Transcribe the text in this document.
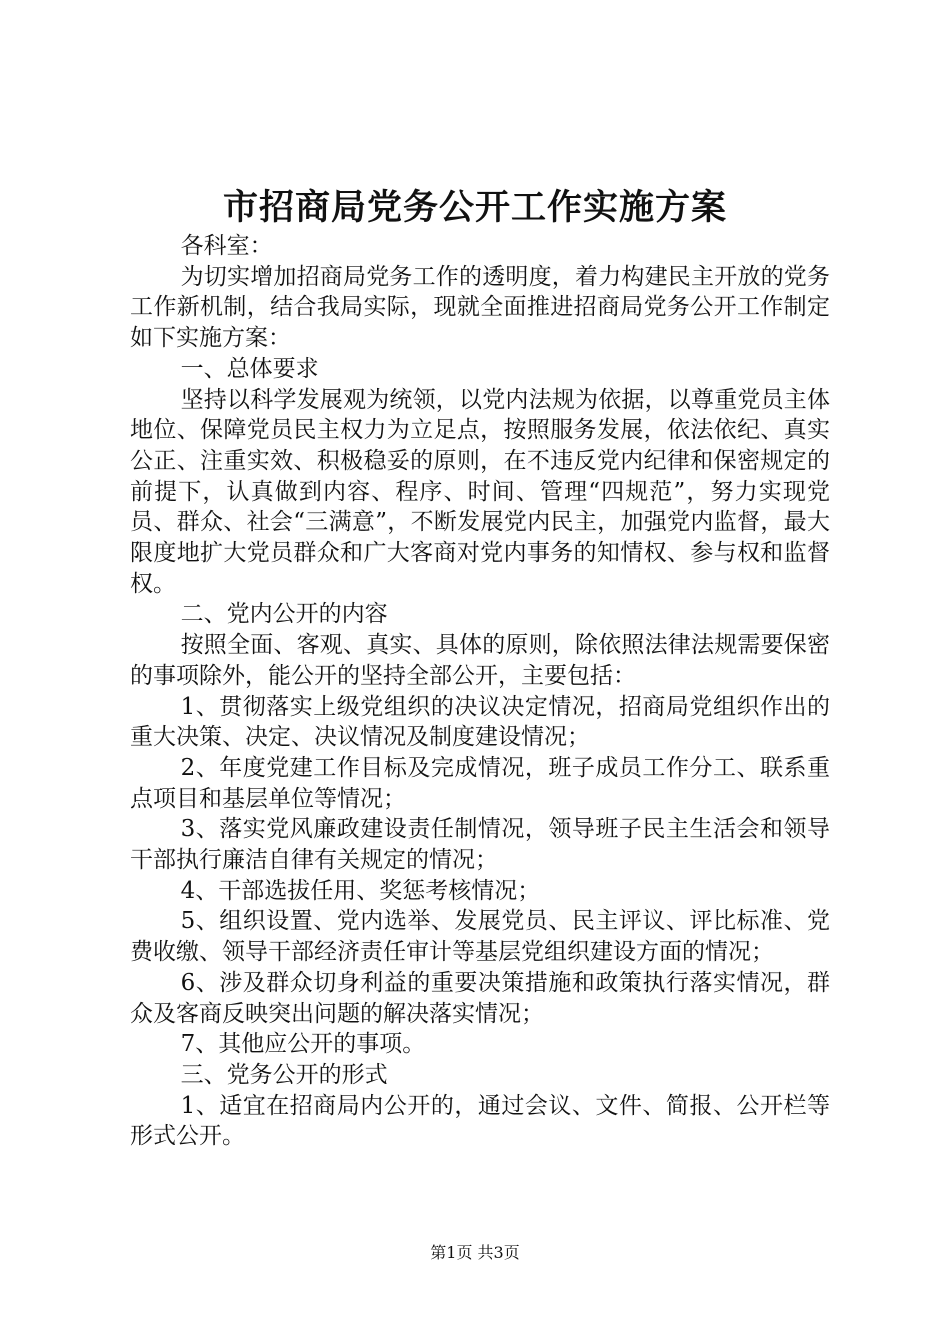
市招商局党务公开工作实施方案

各科室：

为切实增加招商局党务工作的透明度，着力构建民主开放的党务工作新机制，结合我局实际，现就全面推进招商局党务公开工作制定如下实施方案：

一、总体要求

坚持以科学发展观为统领，以党内法规为依据，以尊重党员主体地位、保障党员民主权力为立足点，按照服务发展，依法依纪、真实公正、注重实效、积极稳妥的原则，在不违反党内纪律和保密规定的前提下，认真做到内容、程序、时间、管理“四规范”，努力实现党员、群众、社会“三满意”，不断发展党内民主，加强党内监督，最大限度地扩大党员群众和广大客商对党内事务的知情权、参与权和监督权。

二、党内公开的内容

按照全面、客观、真实、具体的原则，除依照法律法规需要保密的事项除外，能公开的坚持全部公开，主要包括：

1、贯彻落实上级党组织的决议决定情况，招商局党组织作出的重大决策、决定、决议情况及制度建设情况；

2、年度党建工作目标及完成情况，班子成员工作分工、联系重点项目和基层单位等情况；

3、落实党风廉政建设责任制情况，领导班子民主生活会和领导干部执行廉洁自律有关规定的情况；

4、干部选拔任用、奖惩考核情况；

5、组织设置、党内选举、发展党员、民主评议、评比标准、党费收缴、领导干部经济责任审计等基层党组织建设方面的情况；

6、涉及群众切身利益的重要决策措施和政策执行落实情况，群众及客商反映突出问题的解决落实情况；

7、其他应公开的事项。

三、党务公开的形式

1、适宜在招商局内公开的，通过会议、文件、简报、公开栏等形式公开。

第1页 共3页
